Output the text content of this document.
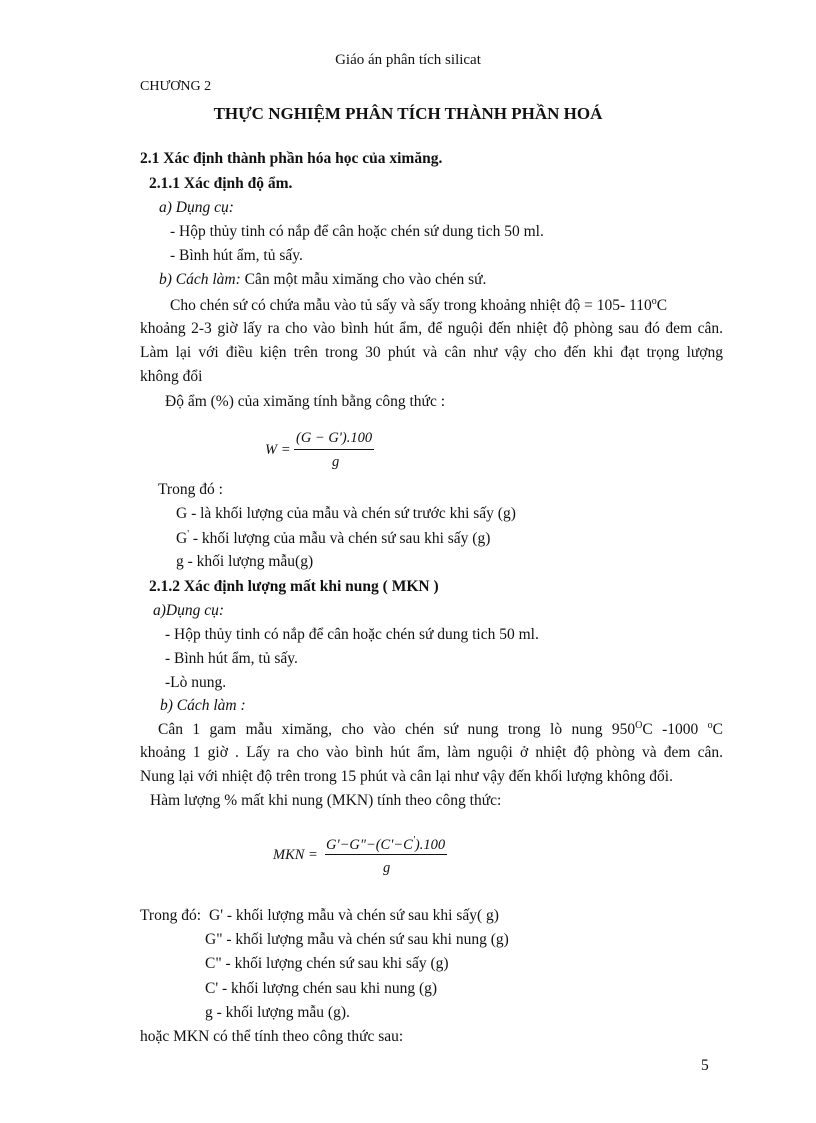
Giáo án phân tích silicat
CHƯƠNG 2
THỰC NGHIỆM PHÂN TÍCH THÀNH PHẦN HOÁ
2.1 Xác định thành phần hóa học của ximăng.
2.1.1 Xác định độ ẩm.
a) Dụng cụ:
- Hộp thủy tinh có nắp để cân hoặc chén sứ dung tich 50 ml.
- Bình hút ẩm, tủ sấy.
b) Cách làm: Cân một mẫu ximăng cho vào chén sứ.
Cho chén sứ có chứa mẫu vào tủ sấy và sấy trong khoảng nhiệt độ = 105- 110$^o$C
khoảng 2-3 giờ lấy ra cho vào bình hút ẩm, để nguội đến nhiệt độ phòng sau đó đem cân.
Làm lại với điều kiện trên trong 30 phút và cân như vậy cho đến khi đạt trọng lượng
không đổi
Độ ẩm (%) của ximăng tính bằng công thức :
W =
(G − G').100
g
Trong đó :
G - là khối lượng của mẫu và chén sứ trước khi sấy (g)
G' - khối lượng của mẫu và chén sứ sau khi sấy (g)
g - khối lượng mẫu(g)
2.1.2 Xác định lượng mất khi nung ( MKN )
a)Dụng cụ:
- Hộp thủy tinh có nắp để cân hoặc chén sứ dung tich 50 ml.
- Bình hút ẩm, tủ sấy.
-Lò nung.
b) Cách làm :
Cân 1 gam mẫu ximăng, cho vào chén sứ nung trong lò nung $950^OC$ -1000 $^o$C
khoảng 1 giờ . Lấy ra cho vào bình hút ẩm, làm nguội ở nhiệt độ phòng và đem cân.
Nung lại với nhiệt độ trên trong 15 phút và cân lại như vậy đến khối lượng không đổi.
Hàm lượng % mất khi nung (MKN) tính theo công thức:
MKN =
G'−G"−(C'−C').100
g
Trong đó: G' - khối lượng mẫu và chén sứ sau khi sấy( g)
G" - khối lượng mẫu và chén sứ sau khi nung (g)
C" - khối lượng chén sứ sau khi sấy (g)
C' - khối lượng chén sau khi nung (g)
g - khối lượng mẫu (g).
hoặc MKN có thể tính theo công thức sau:
5
